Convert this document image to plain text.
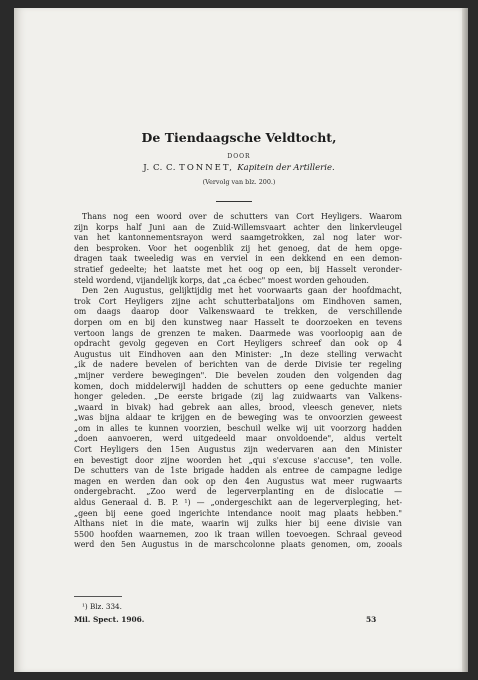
De Tiendaagsche Veldtocht,
DOOR
J. C. C. TONNET, Kapitein der Artillerie.
(Vervolg van blz. 200.)
Thans nog een woord over de schutters van Cort Heyligers. Waarom
zijn korps half Juni aan de Zuid-Willemsvaart achter den linkervleugel
van het kantonnementsrayon werd saamgetrokken, zal nog later wor-
den besproken. Voor het oogenblik zij het genoeg, dat de hem opge-
dragen taak tweeledig was en verviel in een dekkend en een demon-
stratief gedeelte; het laatste met het oog op een, bij Hasselt veronder-
steld wordend, vijandelijk korps, dat „ca écbec" moest worden gehouden.
Den 2en Augustus, gelijktijdig met het voorwaarts gaan der hoofdmacht,
trok Cort Heyligers zijne acht schutterbataljons om Eindhoven samen,
om daags daarop door Valkenswaard te trekken, de verschillende
dorpen om en bij den kunstweg naar Hasselt te doorzoeken en tevens
vertoon langs de grenzen te maken. Daarmede was voorloopig aan de
opdracht gevolg gegeven en Cort Heyligers schreef dan ook op 4
Augustus uit Eindhoven aan den Minister: „In deze stelling verwacht
„ik de nadere bevelen of berichten van de derde Divisie ter regeling
„mijner verdere bewegingen". Die bevelen zouden den volgenden dag
komen, doch middelerwijl hadden de schutters op eene geduchte manier
honger geleden. „De eerste brigade (zij lag zuidwaarts van Valkens-
„waard in bivak) had gebrek aan alles, brood, vleesch genever, niets
„was bijna aldaar te krijgen en de beweging was te onvoorzien geweest
„om in alles te kunnen voorzien, beschuil welke wij uit voorzorg hadden
„doen aanvoeren, werd uitgedeeld maar onvoldoende", aldus vertelt
Cort Heyligers den 15en Augustus zijn wedervaren aan den Minister
en bevestigt door zijne woorden het „qui s'excuse s'accuse", ten volle.
De schutters van de 1ste brigade hadden als entree de campagne ledige
magen en werden dan ook op den 4en Augustus wat meer rugwaarts
ondergebracht. „Zoo werd de legerverplanting en de dislocatie —
aldus Generaal d. B. P. ¹) — „ondergeschikt aan de legerverpleging, het-
„geen bij eene goed ingerichte intendance nooit mag plaats hebben."
Althans niet in die mate, waarin wij zulks hier bij eene divisie van
5500 hoofden waarnemen, zoo ik traan willen toevoegen. Schraal geveod
werd den 5en Augustus in de marschcolonne plaats genomen, om, zooals
¹) Blz. 334.
Mil. Spect. 1906.	53
